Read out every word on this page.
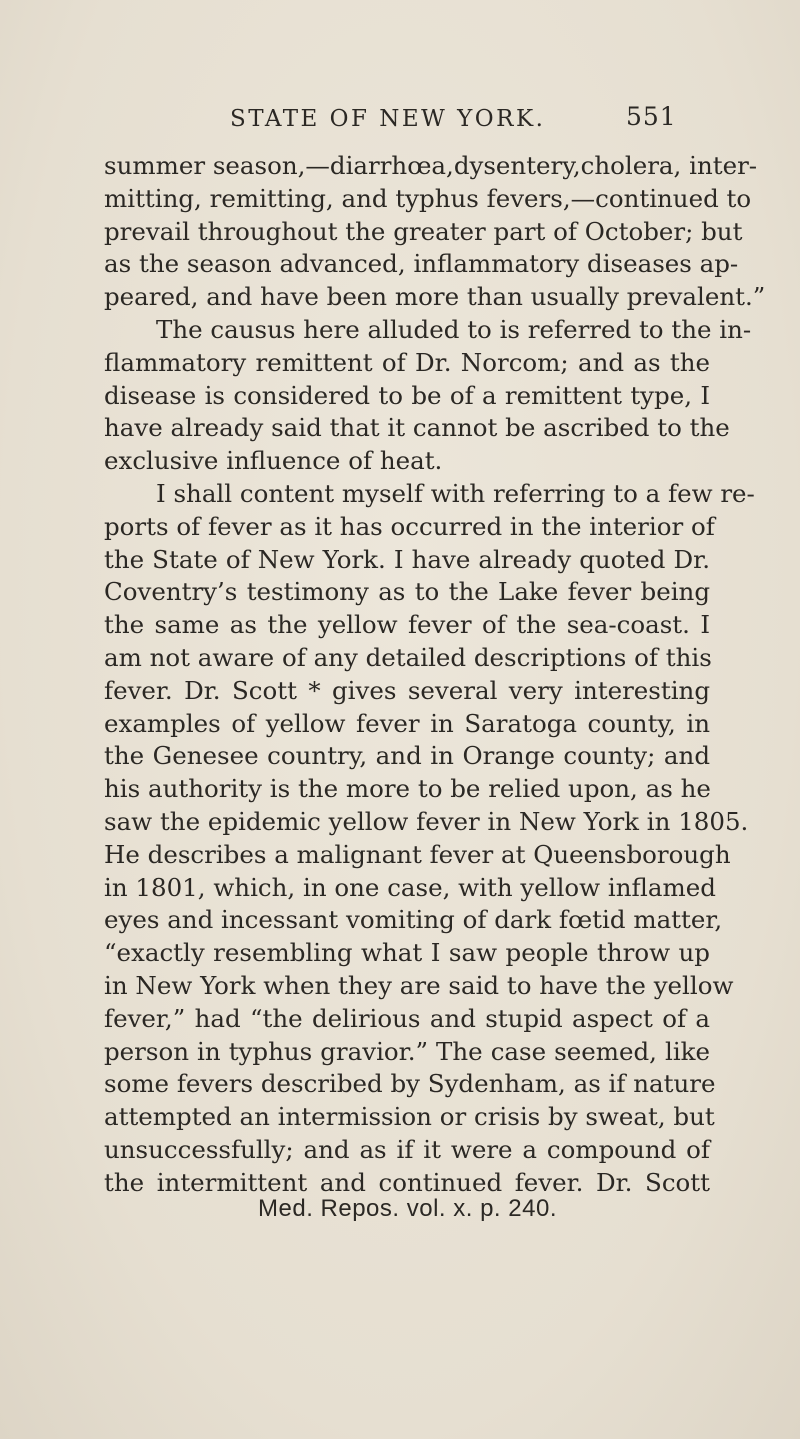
STATE OF NEW YORK.	551
summer season,—diarrhœa,dysentery,cholera, inter-
mitting, remitting, and typhus fevers,—continued to
prevail throughout the greater part of October; but
as the season advanced, inflammatory diseases ap-
peared, and have been more than usually prevalent.”
The causus here alluded to is referred to the in-
flammatory remittent of Dr. Norcom; and as the
disease is considered to be of a remittent type, I
have already said that it cannot be ascribed to the
exclusive influence of heat.
I shall content myself with referring to a few re-
ports of fever as it has occurred in the interior of
the State of New York. I have already quoted Dr.
Coventry’s testimony as to the Lake fever being
the same as the yellow fever of the sea-coast. I
am not aware of any detailed descriptions of this
fever. Dr. Scott * gives several very interesting
examples of yellow fever in Saratoga county, in
the Genesee country, and in Orange county; and
his authority is the more to be relied upon, as he
saw the epidemic yellow fever in New York in 1805.
He describes a malignant fever at Queensborough
in 1801, which, in one case, with yellow inflamed
eyes and incessant vomiting of dark fœtid matter,
“exactly resembling what I saw people throw up
in New York when they are said to have the yellow
fever,” had “the delirious and stupid aspect of a
person in typhus gravior.” The case seemed, like
some fevers described by Sydenham, as if nature
attempted an intermission or crisis by sweat, but
unsuccessfully; and as if it were a compound of
the intermittent and continued fever. Dr. Scott
Med. Repos. vol. x. p. 240.
